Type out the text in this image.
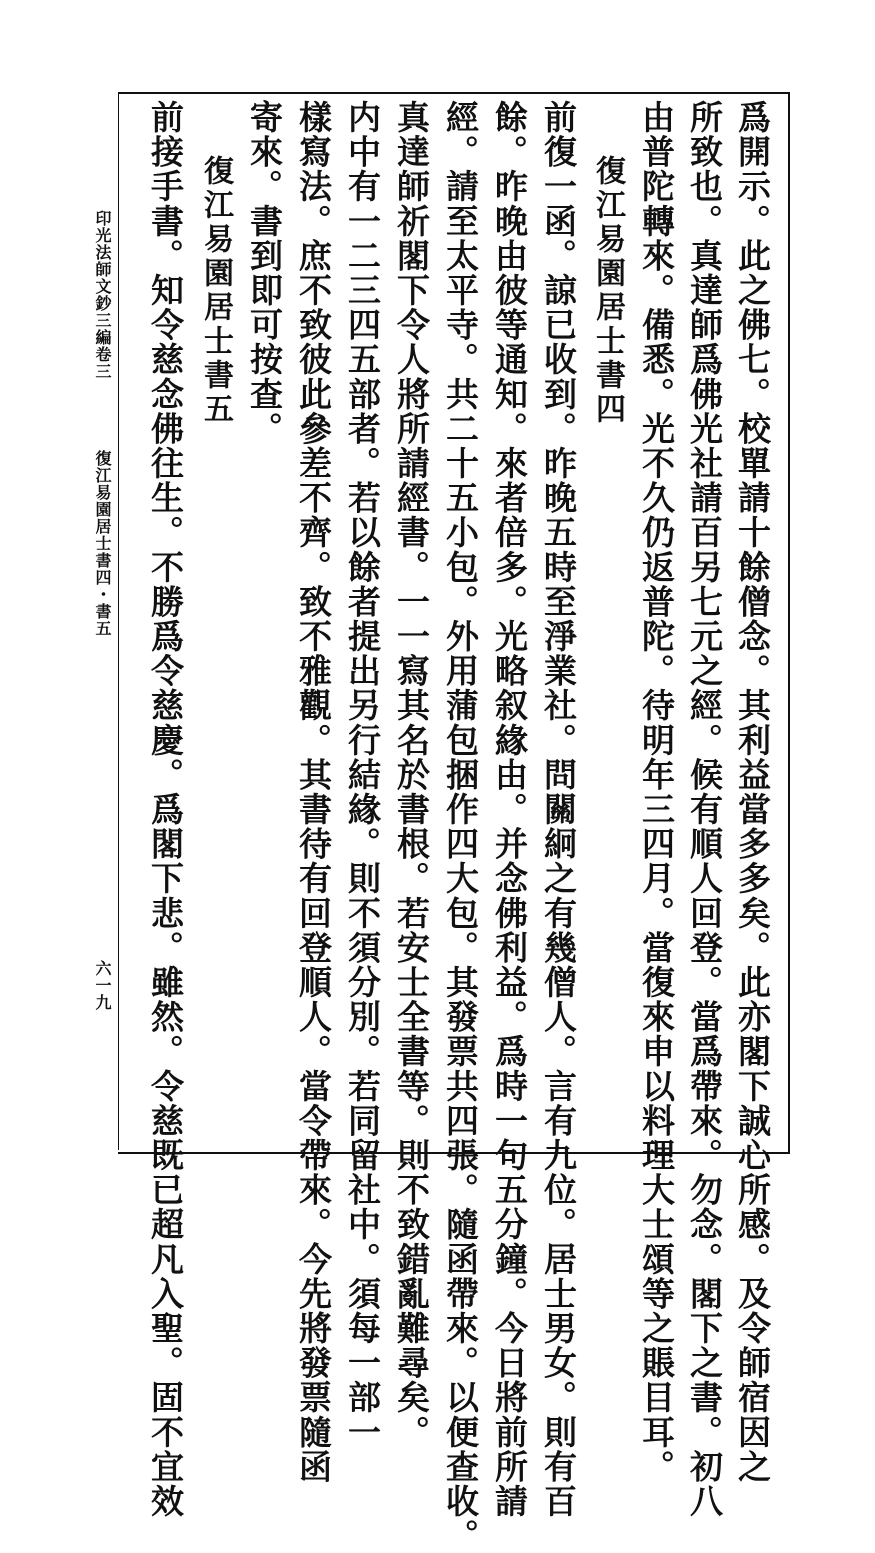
印光法師文鈔三編卷三
復江易園居士書四・書五
六一九	爲開示。此之佛七。校單請十餘僧念。其利益當多多矣。此亦閣下誠心所感。及令師宿因之
所致也。真達師爲佛光社請百另七元之經。候有順人回登。當爲帶來。勿念。閣下之書。初八
由普陀轉來。備悉。光不久仍返普陀。待明年三四月。當復來申以料理大士頌等之賬目耳。
復江易園居士書四
前復一函。諒已收到。昨晚五時至淨業社。問關絅之有幾僧人。言有九位。居士男女。則有百
餘。昨晚由彼等通知。來者倍多。光略叙緣由。并念佛利益。爲時一句五分鐘。今日將前所請
經。請至太平寺。共二十五小包。外用蒲包捆作四大包。其發票共四張。隨函帶來。以便查收。
真達師祈閣下令人將所請經書。一一寫其名於書根。若安士全書等。則不致錯亂難尋矣。
内中有一二三四五部者。若以餘者提出另行結緣。則不須分別。若同留社中。須每一部一
樣寫法。庶不致彼此參差不齊。致不雅觀。其書待有回登順人。當令帶來。今先將發票隨函
寄來。書到即可按查。
復江易園居士書五
前接手書。知令慈念佛往生。不勝爲令慈慶。爲閣下悲。雖然。令慈既已超凡入聖。固不宜效
